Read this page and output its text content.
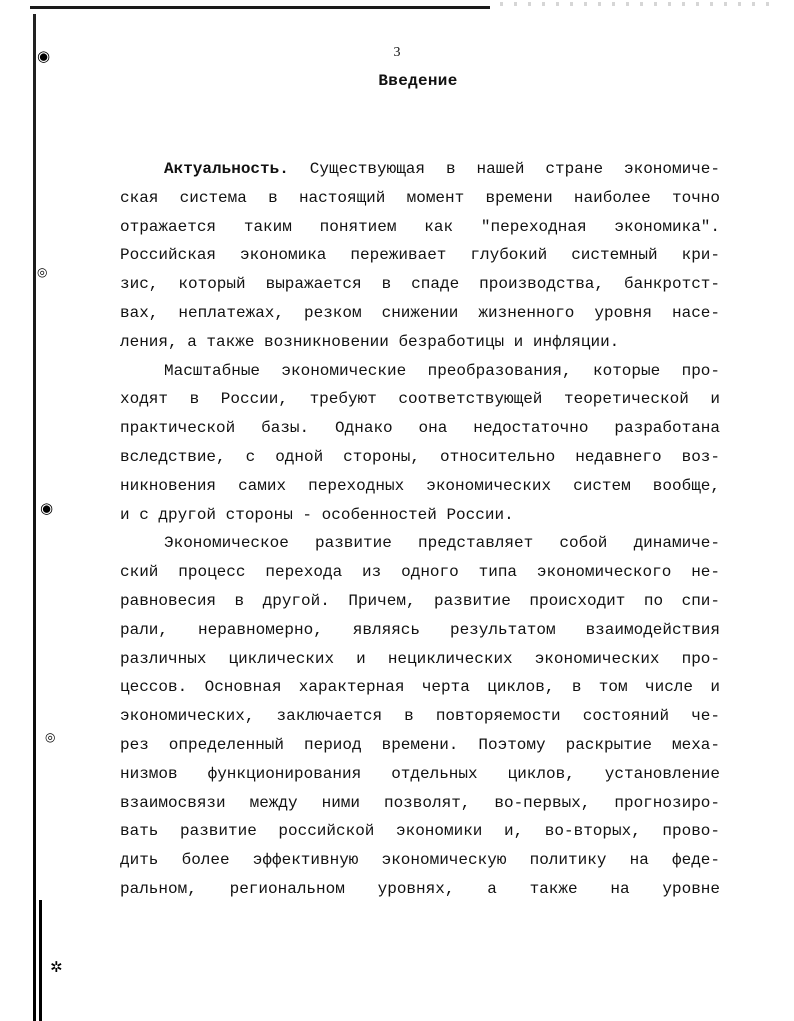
◉
◎
◉
◎
✲
3
Введение
Актуальность. Существующая в нашей стране экономиче-
ская система в настоящий момент времени наиболее точно
отражается таким понятием как "переходная экономика".
Российская экономика переживает глубокий системный кри-
зис, который выражается в спаде производства, банкротст-
вах, неплатежах, резком снижении жизненного уровня насе-
ления, а также возникновении безработицы и инфляции.
Масштабные экономические преобразования, которые про-
ходят в России, требуют соответствующей теоретической и
практической базы. Однако она недостаточно разработана
вследствие, с одной стороны, относительно недавнего воз-
никновения самих переходных экономических систем вообще,
и с другой стороны - особенностей России.
Экономическое развитие представляет собой динамиче-
ский процесс перехода из одного типа экономического не-
равновесия в другой. Причем, развитие происходит по спи-
рали, неравномерно, являясь результатом взаимодействия
различных циклических и нециклических экономических про-
цессов. Основная характерная черта циклов, в том числе и
экономических, заключается в повторяемости состояний че-
рез определенный период времени. Поэтому раскрытие меха-
низмов функционирования отдельных циклов, установление
взаимосвязи между ними позволят, во-первых, прогнозиро-
вать развитие российской экономики и, во-вторых, прово-
дить более эффективную экономическую политику на феде-
ральном, региональном уровнях, а также на уровне
